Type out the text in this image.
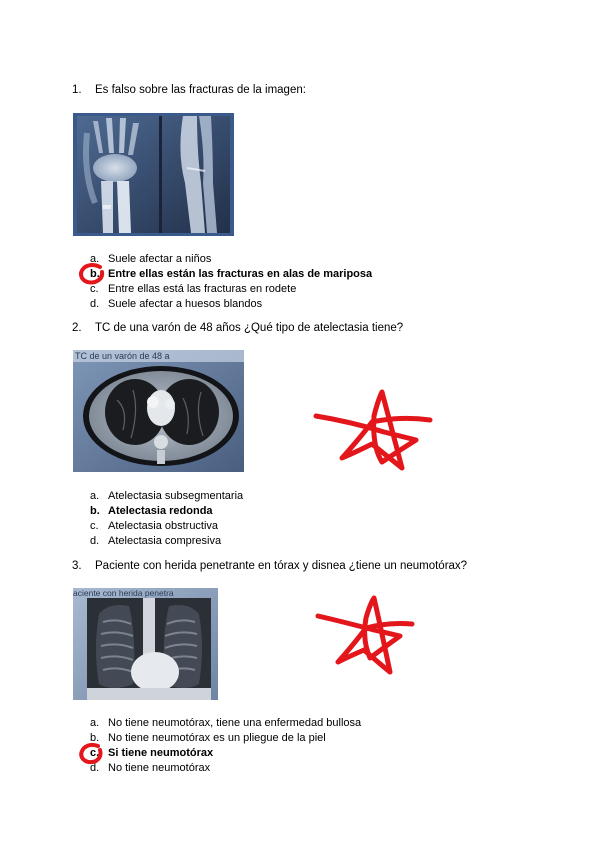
1. Es falso sobre las fracturas de la imagen:
a. Suele afectar a niños
b. Entre ellas están las fracturas en alas de mariposa
c. Entre ellas está las fracturas en rodete
d. Suele afectar a huesos blandos
2. TC de una varón de 48 años ¿Qué tipo de atelectasia tiene?
TC de un varón de 48 a
a. Atelectasia subsegmentaria
b. Atelectasia redonda
c. Atelectasia obstructiva
d. Atelectasia compresiva
3. Paciente con herida penetrante en tórax y disnea ¿tiene un neumotórax?
aciente con herida penetra
a. No tiene neumotórax, tiene una enfermedad bullosa
b. No tiene neumotórax es un pliegue de la piel
c. Si tiene neumotórax
d. No tiene neumotórax
